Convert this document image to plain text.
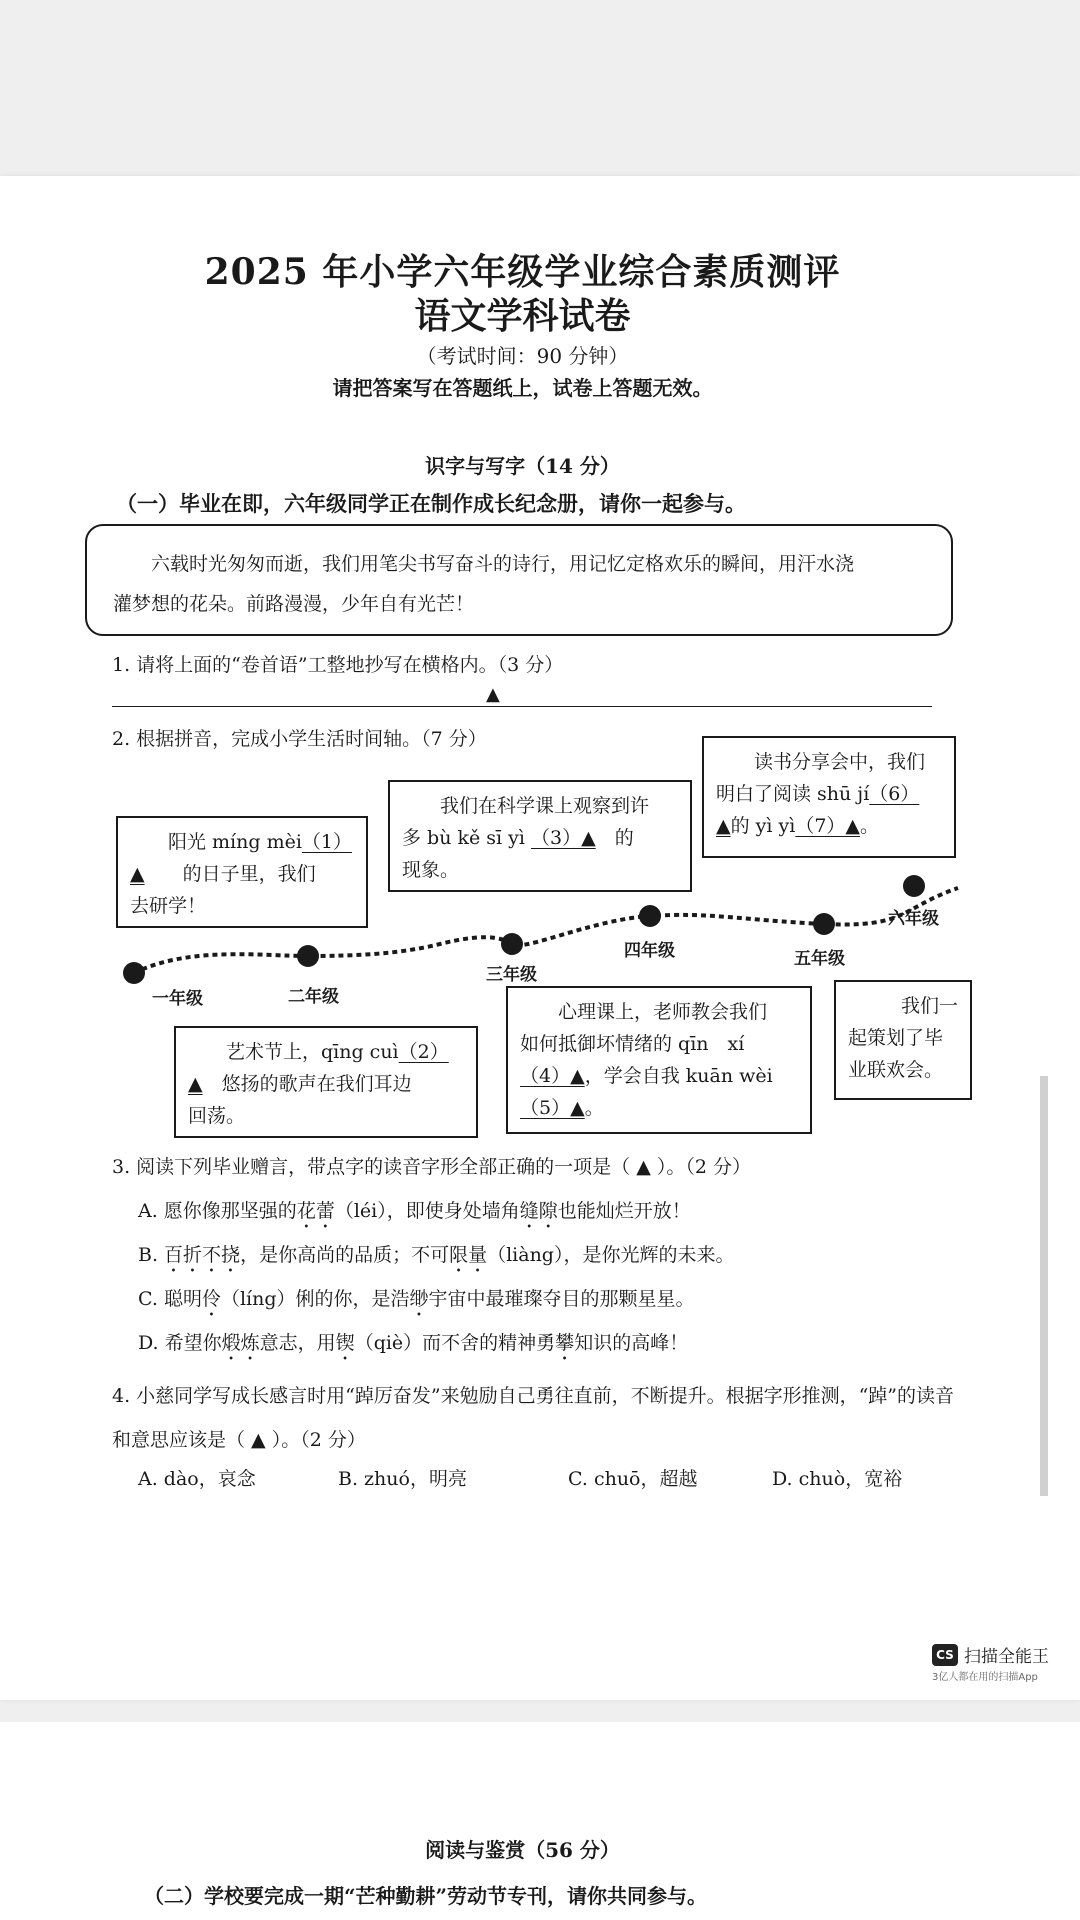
2025 年小学六年级学业综合素质测评
语文学科试卷
（考试时间：90 分钟）
请把答案写在答题纸上，试卷上答题无效。
识字与写字（14 分）
（一）毕业在即，六年级同学正在制作成长纪念册，请你一起参与。
六载时光匆匆而逝，我们用笔尖书写奋斗的诗行，用记忆定格欢乐的瞬间，用汗水浇
灌梦想的花朵。前路漫漫，少年自有光芒！
1. 请将上面的“卷首语”工整地抄写在横格内。（3 分）
▲
2. 根据拼音，完成小学生活时间轴。（7 分）
一年级	二年级
三年级
四年级	五年级
六年级
阳光 míng mèi（1）
▲　　 的日子里，我们
去研学！
我们在科学课上观察到许
多 bù kě sī yì （3）▲　 的
现象。
读书分享会中，我们
明白了阅读 shū jí（6）
▲的 yì yì（7）▲。
艺术节上，qīng cuì（2）
▲　 悠扬的歌声在我们耳边
回荡。
心理课上，老师教会我们
如何抵御坏情绪的 qīn　xí
（4）▲，学会自我 kuān wèi
（5）▲。
我们一
起策划了毕
业联欢会。
3. 阅读下列毕业赠言，带点字的读音字形全部正确的一项是（ ▲ ）。（2 分）
A. 愿你像那坚强的花蕾（léi），即使身处墙角缝隙也能灿烂开放！
B. 百折不挠，是你高尚的品质；不可限量（liàng），是你光辉的未来。
C. 聪明伶（líng）俐的你，是浩缈宇宙中最璀璨夺目的那颗星星。
D. 希望你煅炼意志，用锲（qiè）而不舍的精神勇攀知识的高峰！
4. 小慈同学写成长感言时用“踔厉奋发”来勉励自己勇往直前，不断提升。根据字形推测，“踔”的读音和意思应该是（ ▲ ）。（2 分）
A. dào，哀念	B. zhuó，明亮	C. chuō，超越	D. chuò，宽裕
CS 扫描全能王
3亿人都在用的扫描App
阅读与鉴赏（56 分）
（二）学校要完成一期“芒种勤耕”劳动节专刊，请你共同参与。
